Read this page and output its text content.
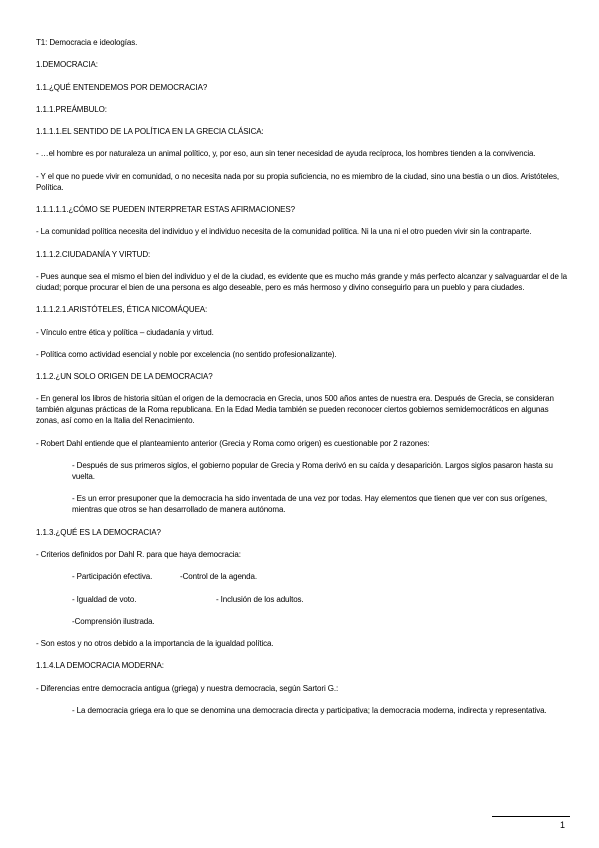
T1: Democracia e ideologías.

1.DEMOCRACIA:

1.1.¿QUÉ ENTENDEMOS POR DEMOCRACIA?

1.1.1.PREÁMBULO:

1.1.1.1.EL SENTIDO DE LA POLÍTICA EN LA GRECIA CLÁSICA:

- …el hombre es por naturaleza un animal político, y, por eso, aun sin tener necesidad de ayuda recíproca, los hombres tienden a la convivencia.

- Y el que no puede vivir en comunidad, o no necesita nada por su propia suficiencia, no es miembro de la ciudad, sino una bestia o un dios. Aristóteles, Política.

1.1.1.1.1.¿CÓMO SE PUEDEN INTERPRETAR ESTAS AFIRMACIONES?

- La comunidad política necesita del individuo y el individuo necesita de la comunidad política. Ni la una ni el otro pueden vivir sin la contraparte.

1.1.1.2.CIUDADANÍA Y VIRTUD:

- Pues aunque sea el mismo el bien del individuo y el de la ciudad, es evidente que es mucho más grande y más perfecto alcanzar y salvaguardar el de la ciudad; porque procurar el bien de una persona es algo deseable, pero es más hermoso y divino conseguirlo para un pueblo y para ciudades.

1.1.1.2.1.ARISTÓTELES, ÉTICA NICOMÁQUEA:

- Vínculo entre ética y política – ciudadanía y virtud.

- Política como actividad esencial y noble por excelencia (no sentido profesionalizante).

1.1.2.¿UN SOLO ORIGEN DE LA DEMOCRACIA?

- En general los libros de historia sitúan el origen de la democracia en Grecia, unos 500 años antes de nuestra era. Después de Grecia, se consideran también algunas prácticas de la Roma republicana. En la Edad Media también se pueden reconocer ciertos gobiernos semidemocráticos en algunas zonas, así como en la Italia del Renacimiento.

- Robert Dahl entiende que el planteamiento anterior (Grecia y Roma como origen) es cuestionable por 2 razones:

- Después de sus primeros siglos, el gobierno popular de Grecia y Roma derivó en su caída y desaparición. Largos siglos pasaron hasta su vuelta.

- Es un error presuponer que la democracia ha sido inventada de una vez por todas. Hay elementos que tienen que ver con sus orígenes, mientras que otros se han desarrollado de manera autónoma.

1.1.3.¿QUÉ ES LA DEMOCRACIA?

- Criterios definidos por Dahl R. para que haya democracia:

- Participación efectiva.	-Control de la agenda.
- Igualdad de voto.	- Inclusión de los adultos.
-Comprensión ilustrada.

- Son estos y no otros debido a la importancia de la igualdad política.

1.1.4.LA DEMOCRACIA MODERNA:

- Diferencias entre democracia antigua (griega) y nuestra democracia, según Sartori G.:

- La democracia griega era lo que se denomina una democracia directa y participativa; la democracia moderna, indirecta y representativa.

1
